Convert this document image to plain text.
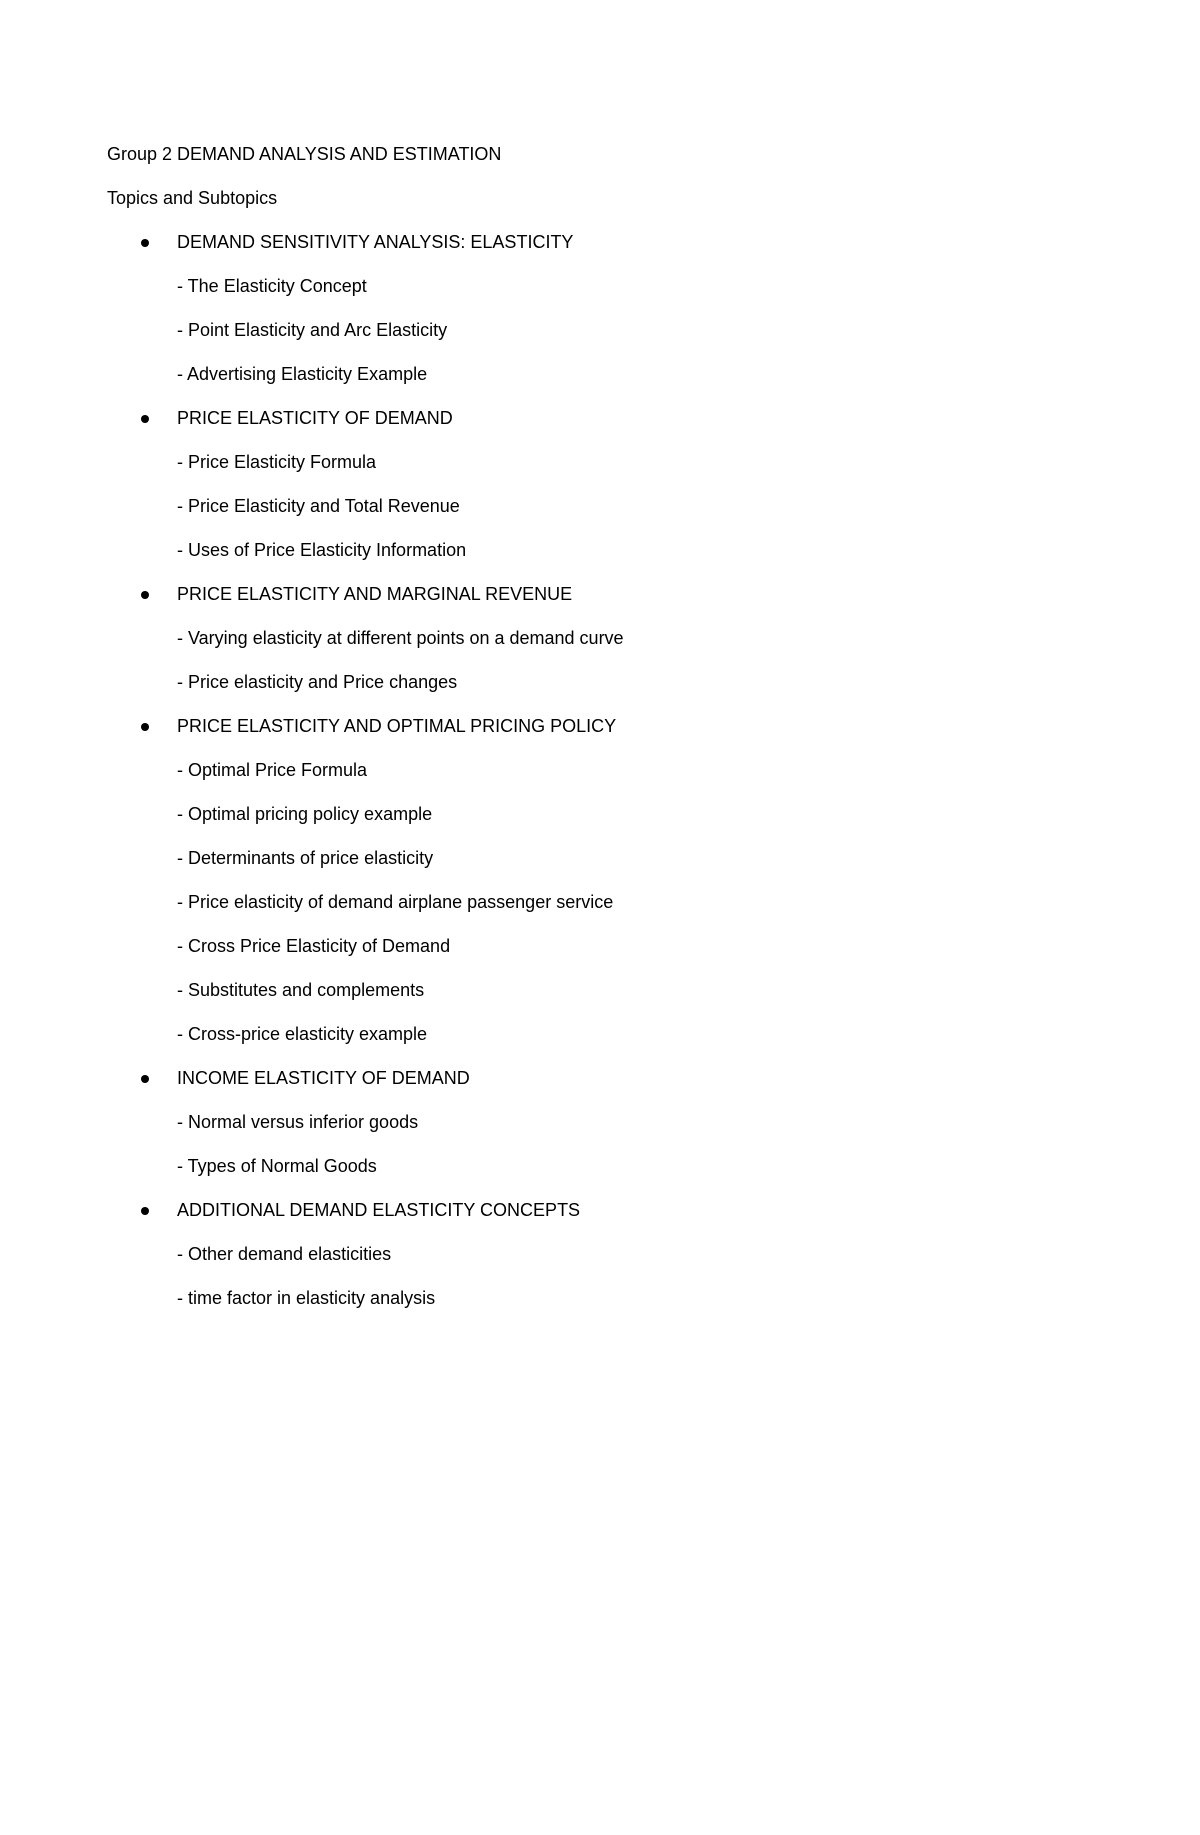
Group 2 DEMAND ANALYSIS AND ESTIMATION

Topics and Subtopics

DEMAND SENSITIVITY ANALYSIS: ELASTICITY

- The Elasticity Concept

- Point Elasticity and Arc Elasticity

- Advertising Elasticity Example

PRICE ELASTICITY OF DEMAND

- Price Elasticity Formula

- Price Elasticity and Total Revenue

- Uses of Price Elasticity Information

PRICE ELASTICITY AND MARGINAL REVENUE

- Varying elasticity at different points on a demand curve

- Price elasticity and Price changes

PRICE ELASTICITY AND OPTIMAL PRICING POLICY

- Optimal Price Formula

- Optimal pricing policy example

- Determinants of price elasticity

- Price elasticity of demand airplane passenger service

- Cross Price Elasticity of Demand

- Substitutes and complements

- Cross-price elasticity example

INCOME ELASTICITY OF DEMAND

- Normal versus inferior goods

- Types of Normal Goods

ADDITIONAL DEMAND ELASTICITY CONCEPTS

- Other demand elasticities

- time factor in elasticity analysis
